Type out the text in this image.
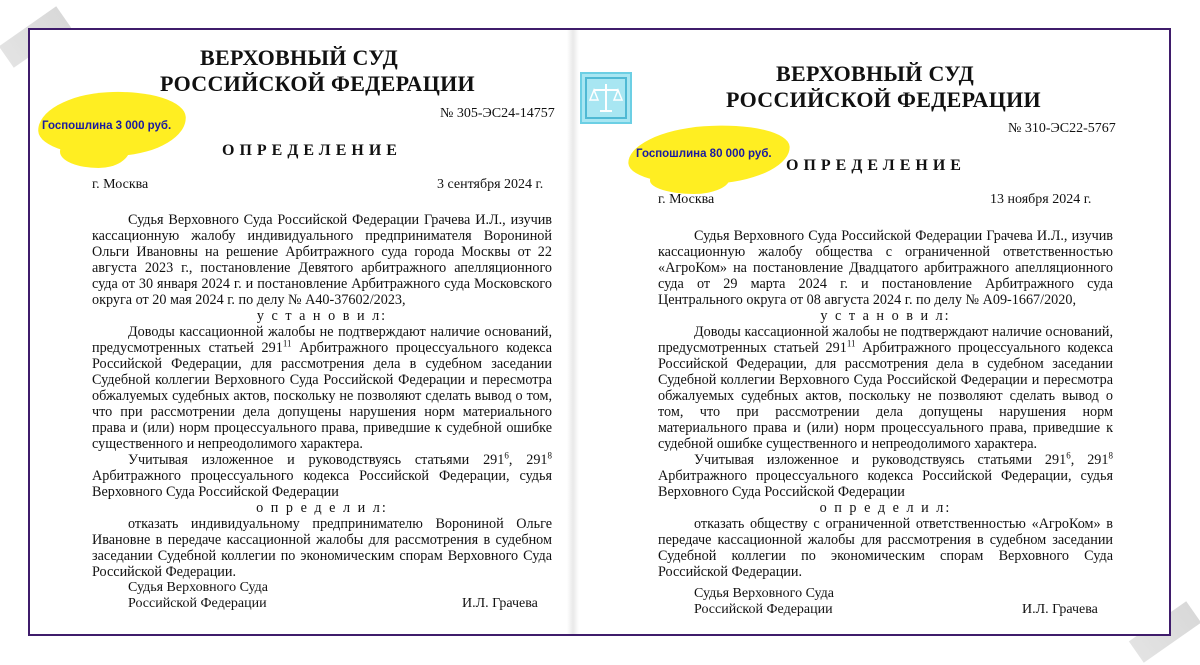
ВЕРХОВНЫЙ СУД
РОССИЙСКОЙ ФЕДЕРАЦИИ
Госпошлина 3 000 руб.
№ 305-ЭС24-14757
ОПРЕДЕЛЕНИЕ
г. Москва	3 сентября 2024 г.

Судья Верховного Суда Российской Федерации Грачева И.Л., изучив кассационную жалобу индивидуального предпринимателя Ворониной Ольги Ивановны на решение Арбитражного суда города Москвы от 22 августа 2023 г., постановление Девятого арбитражного апелляционного суда от 30 января 2024 г. и постановление Арбитражного суда Московского округа от 20 мая 2024 г. по делу № А40-37602/2023,

у с т а н о в и л:

Доводы кассационной жалобы не подтверждают наличие оснований, предусмотренных статьей $291^{11}$ Арбитражного процессуального кодекса Российской Федерации, для рассмотрения дела в судебном заседании Судебной коллегии Верховного Суда Российской Федерации и пересмотра обжалуемых судебных актов, поскольку не позволяют сделать вывод о том, что при рассмотрении дела допущены нарушения норм материального права и (или) норм процессуального права, приведшие к судебной ошибке существенного и непреодолимого характера.

Учитывая изложенное и руководствуясь статьями $291^6$, $291^8$ Арбитражного процессуального кодекса Российской Федерации, судья Верховного Суда Российской Федерации

о п р е д е л и л:

отказать индивидуальному предпринимателю Ворониной Ольге Ивановне в передаче кассационной жалобы для рассмотрения в судебном заседании Судебной коллегии по экономическим спорам Верховного Суда Российской Федерации.

Судья Верховного Суда
Российской Федерации	И.Л. Грачева
ВЕРХОВНЫЙ СУД
РОССИЙСКОЙ ФЕДЕРАЦИИ
Госпошлина 80 000 руб.
№ 310-ЭС22-5767
ОПРЕДЕЛЕНИЕ
г. Москва	13 ноября 2024 г.

Судья Верховного Суда Российской Федерации Грачева И.Л., изучив кассационную жалобу общества с ограниченной ответственностью «АгроКом» на постановление Двадцатого арбитражного апелляционного суда от 29 марта 2024 г. и постановление Арбитражного суда Центрального округа от 08 августа 2024 г. по делу № А09-1667/2020,

у с т а н о в и л:

Доводы кассационной жалобы не подтверждают наличие оснований, предусмотренных статьей $291^{11}$ Арбитражного процессуального кодекса Российской Федерации, для рассмотрения дела в судебном заседании Судебной коллегии Верховного Суда Российской Федерации и пересмотра обжалуемых судебных актов, поскольку не позволяют сделать вывод о том, что при рассмотрении дела допущены нарушения норм материального права и (или) норм процессуального права, приведшие к судебной ошибке существенного и непреодолимого характера.

Учитывая изложенное и руководствуясь статьями $291^6$, $291^8$ Арбитражного процессуального кодекса Российской Федерации, судья Верховного Суда Российской Федерации

о п р е д е л и л:

отказать обществу с ограниченной ответственностью «АгроКом» в передаче кассационной жалобы для рассмотрения в судебном заседании Судебной коллегии по экономическим спорам Верховного Суда Российской Федерации.

Судья Верховного Суда
Российской Федерации	И.Л. Грачева
